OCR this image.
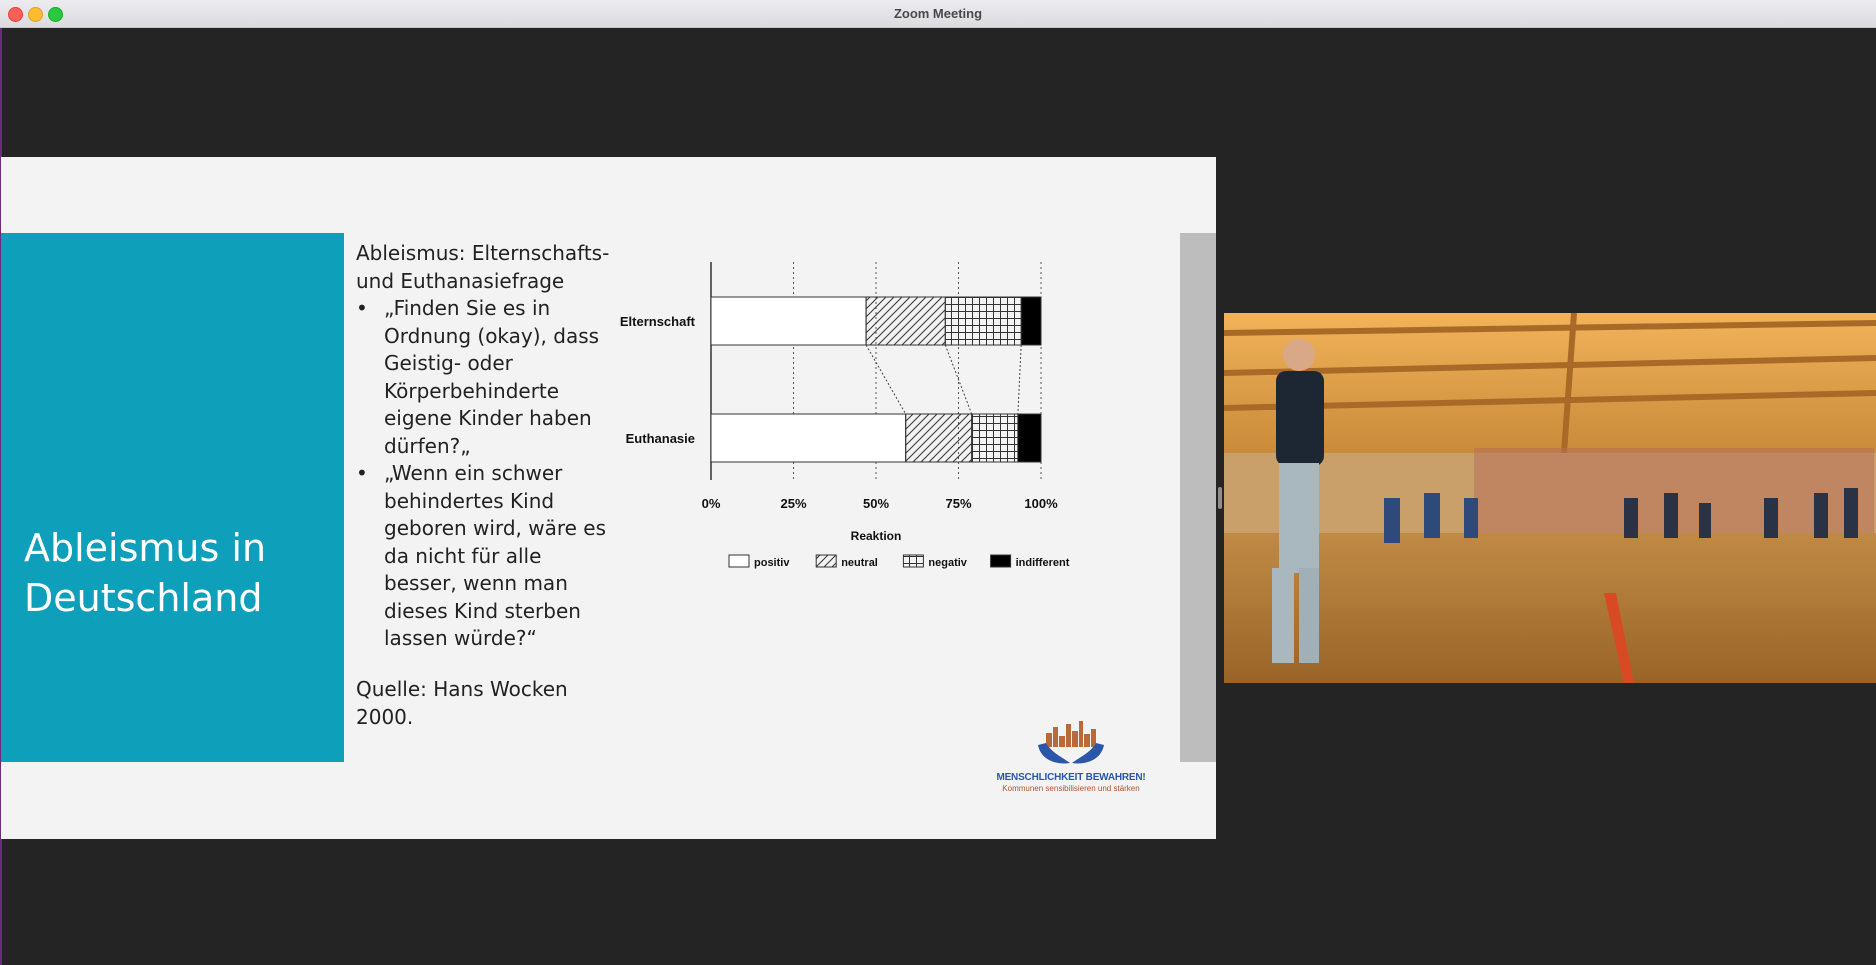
Zoom Meeting
Ableismus in
Deutschland
Ableismus: Elternschafts- und Euthanasiefrage
• „Finden Sie es in Ordnung (okay), dass Geistig- oder Körperbehinderte eigene Kinder haben dürfen?„
• „Wenn ein schwer behindertes Kind geboren wird, wäre es da nicht für alle besser, wenn man dieses Kind sterben lassen würde?“
Quelle: Hans Wocken 2000.
0%	25%	50%	75%	100%
Elternschaft
Euthanasie
Reaktion
positiv	neutral	negativ	indifferent
MENSCHLICHKEIT BEWAHREN!
Kommunen sensibilisieren und stärken
